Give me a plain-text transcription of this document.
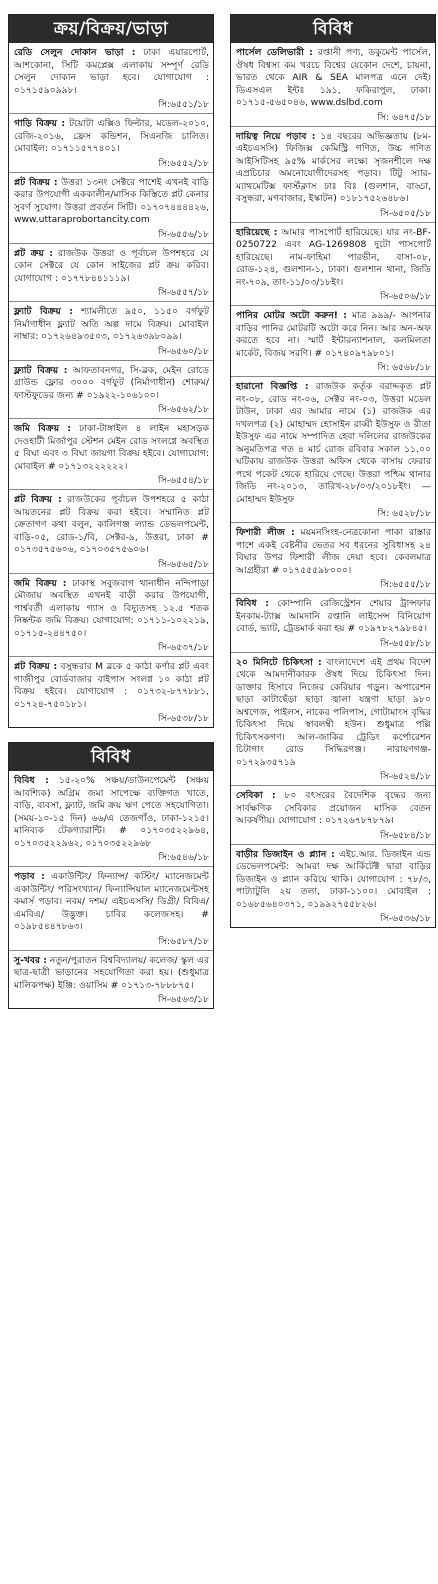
ক্রয়/বিক্রয়/ভাড়া
রেডি সেলুন দোকান ভাড়া : ঢাকা এয়ারপোর্ট, আশকোনা, সিটি কমপ্লেক্স এলাকায় সম্পূর্ণ রেডি সেলুন দোকান ভাড়া হবে। যোগাযোগ : ০১৭১৫৯০৯৯৮।
সি:৬৫৫১/১৮
গাড়ি বিক্রয় : টয়োটা এক্সিও ফিল্টার, মডেল-২০১০, রেজি-২০১৬, ফ্রেস কন্ডিশন, সিএনজি চালিত। মোবাইল: ০১৭১১৫৭৭৪০১।
সি:৬৫৫২/১৮
প্লট বিক্রয় : উত্তরা ১৩নং সেক্টরে পাশেই এখনই বাড়ি করার উপযোগী এককালীন/মাসিক কিস্তিতে প্লট কেনার সুবর্ণ সুযোগ। উত্তরা প্রবর্তন সিটি। ০১৭০৭৪৪৪৪২৬, www.uttaraprobortancity.com
সি-৬৫৫৬/১৮
প্লট ক্রয় : রাজউক উত্তরা ও পূর্বাচল উপশহরে যে কোন সেক্টরে যে কোন সাইজের প্লট ক্রয় করিব। যোগাযোগ : ০১৭৭৮৪৪১১১৯।
সি-৬৫৫৭/১৮
ফ্ল্যাট বিক্রয় : শ্যামলীতে ৯৫০, ১১৫০ বর্গফুট নির্মাণাধীন ফ্ল্যাট অতি অল্প দামে বিক্রয়। মোবাইল নাম্বার: ০১৭২৬৪৯৩৫০৩, ০১৭২৬৩৯৮০৯৯।
সি-৬৫৬০/১৮
ফ্ল্যাট বিক্রয় : আফতাবনগর, সি-ব্লক, মেইন রোডে গ্রাউন্ড ফ্লোর ৩০০০ বর্গফুট (নির্মাণাধীন) শোরুম/ফাস্টফুডের জন্য # ০১৯২২-১০৬১০০।
সি-৬৫৬২/১৮
জমি বিক্রয় : ঢাকা-টাঙ্গাইল ৪ লাইন মহাসড়ক দেওহাটী মির্জাপুর স্টেশন মেইন রোড সংলগ্নে অবস্থিত ৫ বিঘা এবং ৩ বিঘা জায়গা বিক্রয় হইবে। যোগাযোগ: মোবাইল # ০১৭১৩২২২২২২।
সি-৬৫৫৪/১৮
প্লট বিক্রয় : রাজউকের পূর্বাচল উপশহরে ৫ কাঠা আয়তনের প্লট বিক্রয় করা হইবে। সম্মানিত প্লট ক্রেতাগণ কথা বলুন, কালিগঞ্জ ল্যান্ড ডেভলপমেন্ট, বাড়ি-০৫, রোড-১/বি, সেক্টর-৯, উত্তরা, ঢাকা # ০১৭৩৫৭৫৬০৬, ০১৭০৩৫৭৫৬০৬।
সি-৬৫৬৫/১৮
জমি বিক্রয় : ঢাকাস্থ সবুজবাগ থানাধীন নন্দিপাড়া মৌজায় অবস্থিত এখনই বাড়ী করার উপযোগী, পার্শ্ববর্তী এলাকায় গ্যাস ও বিদ্যুতসহ ১২.৫ শতক নিষ্কন্টক জমি বিক্রয়। যোগাযোগ: ০১৭১১-১০২২১৯, ০১৭১৫-২৪৪৭৫০।
সি-৬৫৩৭/১৮
প্লট বিক্রয় : বসুন্ধরার M ব্লকে ৫ কাঠা কর্ণার প্লট এবং গাজীপুর বোর্ডবাজার বাইপাস সংলগ্ন ১০ কাঠা প্লট বিক্রয় হইবে। যোগাযোগ : ০১৭৩২-৮৭৭৮৮১, ০১৭২৪-৭৫০১৮১।
সি-৬৫৩৮/১৮
বিবিধ
বিবিধ : ১৫-২০% সঞ্চয়/ডাউনপেমেন্ট (সঞ্চয় আবশ্যিক) অগ্রিম জমা সাপেক্ষে ব্যক্তিগত খাতে, বাড়ি, ব্যবসা, ফ্ল্যাট, জমি ক্রয় ঋণ পেতে সহযোগিতা। (সময়-১০-১৫ দিন) ৬৬/এ তেজগাঁও, ঢাকা-১২১৫। মানিব্যক টেকগ্যারান্টি। # ০১৭০৩৫২২৯৬৪, ০১৭০৩৫২২৯৬২, ০১৭০৩৫২২৯৬৮
সি:৬৫৪৬/১৮
পড়াব : একাউন্টিং/ ফিন্যান্স/ কস্টিং/ ম্যানেজমেন্ট একাউন্টিং/ পরিসংখ্যান/ ফিন্যান্সিয়াল ম্যানেজমেন্টসহ কমার্স পড়াব। নবম/ দশম/ এইচএসসি/ ডিগ্রী/ বিবিএ/এমবিএ/ উদ্ভুক্ত। চাবির কলেজসহ। # ০১৯৮৫৪৪৭৮৬৩।
সি:৬৫৮৭/১৮
সু-খবর : নতুন/পুরাতন বিশ্ববিদ্যালয়/ কলেজ/ স্কুল এর ছাত্র-ছাত্রী ভাড়ানের সহযোগিতা করা হয়। (শুধুমাত্র মালিকপক্ষ) ইঞ্জি: ওয়াসিম # ০১৭১৩-৭৮৮৮৭৫।
সি-৬৫৬৩/১৮
বিবিধ
পার্সেল ডেলিভারী : রপ্তানী পণ্য, ডকুমেন্ট পার্সেল, ঔষধ বিশ্বস্য কম খরচে বিশ্বের যেকোন দেশে, চায়না, ভারত থেকে AIR & SEA মালপত্র এনে দেই। ডিএসএল ইন্টঃ ১৯১, ফকিরাপুল, ঢাকা। ০১৭১৫-৫৬৫০৪৬, www.dslbd.com
সি: ৬৪৭৫/১৮
দায়িত্ব নিয়ে পড়াব : ১৪ বছরের অভিজ্ঞতায় (৮ম-এইচএসসি) ফিজিক্স কেমিস্ট্রি গণিত, উচ্চ গণিত আইসিটিসহ ৯৫% মার্কসের লক্ষ্যে সৃজনশীলে দক্ষ এপ্রচিচার অমনোযোগীদেরসহ পড়াব। টিটু স্যার- ম্যাথমেটিক্স ফার্স্টক্লাস ঢাঃ বিঃ (গুলশান, বাড্ডা, বসুন্ধরা, মগবাজার, ইস্কাটন) ০১৮১৭৫২৬৪৮৬।
সি-৬৫০৫/১৮
হারিয়েছে : আমার পাসপোর্ট হারিয়েছে। যার নং-BF-0250722 এবং AG-1269808 দুটো পাসপোর্ট হারিয়েছে। নাম-ফাহিমা পারভীন, বাসা-০৮, রোড-১২৪, গুলশান-১, ঢাকা। গুলশান থানা, জিডি নং-৭০৯, তাং-১১/০৩/১৮ইং।
সি-৬৫০৬/১৮
পানির মোটর অটো করুন! : মাত্র ৯৯৯/- আপনার বাড়ির পানির মোটরটি অটো করে নিন। আর অন-অফ করতে হবে না। স্মার্ট ইন্টারন্যাশনাল, কলমিলতা মার্কেট, বিজয় সরণি। # ০১৭৪০৯৭৯৮০১।
সি: ৬৫৬৮/১৮
হারানো বিজ্ঞপ্তি : রাজউক কর্তৃক বরাদ্দকৃত প্লট নং-০৮, রোড নং-০৬, সেক্টর নং-০৩, উত্তরা মডেল টাউন, ঢাকা এর আমার নামে (১) রাজউক এর দখলপত্র (২) মোহাম্মদ হোসাইন রাব্বী ইউসুফ ও রীতা ইউসুফ এর নামে সম্পাদিত হেবা দলিলের রাজউকের অনুমতিপত্র গত ৪ মার্চ রোজ রবিবার সকাল ১১.০০ ঘটিকায় রাজউক উত্তরা অফিস থেকে বাসায় ফেরার পথে পকেট থেকে হারিয়ে গেছে। উত্তরা পশ্চিম থানার জিডি নং-২০১৩, তারিখ-২৮/০৩/২০১৮ইং। —মোহাম্মদ ইউসুফ
সি: ৬৫২৮/১৮
ফিশারী লীজ : ময়মনসিংহ-নেত্রকোনা পাকা রাস্তার পাশে একই বেষ্টনীর ভেতর সব ধরনের সুবিধাসহ ২৪ বিঘার উপর ফিশারী লীজ দেয়া হবে। কেবলমাত্র আগ্রহীরা # ০১৭৫৫৫৯৮০০০।
সি:৬৫৫৫/১৮
বিবিধ : কোম্পানি রেজিস্ট্রেশন শেয়ার ট্রান্সফার ইনকাম-ট্যাক্স আমদানি রপ্তানি লাইসেন্স বিনিয়োগ বোর্ড, ভ্যাট, ট্রেডমার্ক করা হয় # ০১৯৭৮২৭৯৮৪৫।
সি-৬৫৫৮/১৮
২০ মিনিটে চিকিৎসা : বাংলাদেশে এই প্রথম বিদেশ থেকে আমদানীকারক ঔষধ দিয়ে চিকিৎসা দিন। ডাক্তার হিসাবে নিজের কেরিয়ার গড়ুন। অপারেশন ছাড়া কাটাছেঁড়া ছাড়া জ্বালা যন্ত্রণা ছাড়া ৯৮০ অশ্বগেজ, পাইলস, নাকের পলিপাস, গোটামাংস বৃদ্ধির চিকিৎসা দিয়ে স্বাবলম্বী হউন। শুধুমাত্র পল্লি চিকিৎসকগণ। আল-জাকির ট্রেডিং কর্পোরেশন চিটাগাং রোড সিদ্ধিরগঞ্জ। নারায়ণগঞ্জ- ০১৭২৯৩৫৭১৯
সি-৬৫২৪/১৮
সেবিকা : ৮০ বৎসরের বৈদেশিক বৃদ্ধের জন্য সার্বক্ষণিক সেবিকার প্রয়োজন মাসিক বেতন আকর্ষণীয়। যোগাযোগ : ০১৭২৬৭৮৭৮৭৯।
সি-৬৫৮৪/১৮
বাড়ীর ডিজাইন ও প্ল্যান : এইচ.আর. ডিজাইন এন্ড ডেভেলপমেন্ট: আমরা দক্ষ আর্কিটেক্ট দ্বারা বাড়ির ডিজাইন ও প্ল্যান করিয়ে থাকি। যোগাযোগ : ৭৮/৩, পাট্যাটুলি ২য় তলা, ঢাকা-১১০০। মোবাইল : ০১৬৮৫৬৪০৩৭১, ০১৯৯২৭৫৫৮২৬।
সি-৬৫৩৬/১৮
